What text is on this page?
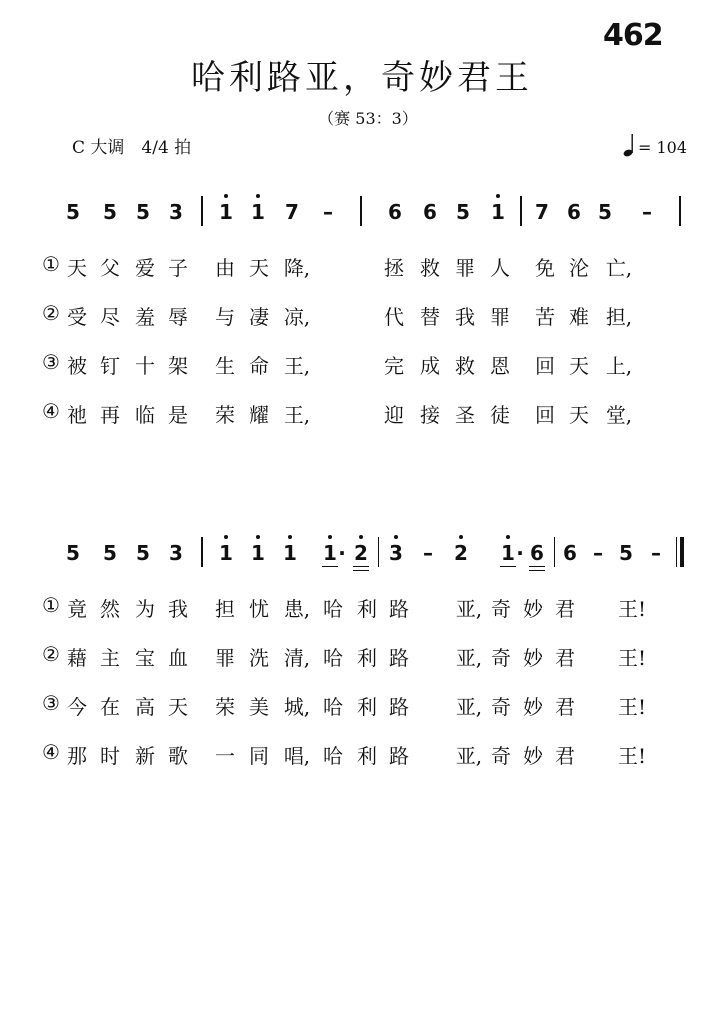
462
哈利路亚，奇妙君王
（赛 53：3）
C 大调　4/4 拍	= 104
5 5 5 3 1 1 7 –	6 6 5 1 7 6 5 –
① 天 父 爱 子 由 天 降,	拯 救 罪 人 免 沦 亡,
② 受 尽 羞 辱 与 凄 凉,	代 替 我 罪 苦 难 担,
③ 被 钉 十 架 生 命 王,	完 成 救 恩 回 天 上,
④ 祂 再 临 是 荣 耀 王,	迎 接 圣 徒 回 天 堂,
5 5 5 3 1 1 1 1 · 2 3 – 2 1 · 6 6 – 5 –
① 竟 然 为 我 担 忧 患, 哈 利 路 亚, 奇 妙 君 王!
② 藉 主 宝 血 罪 洗 清, 哈 利 路 亚, 奇 妙 君 王!
③ 今 在 高 天 荣 美 城, 哈 利 路 亚, 奇 妙 君 王!
④ 那 时 新 歌 一 同 唱, 哈 利 路 亚, 奇 妙 君 王!
